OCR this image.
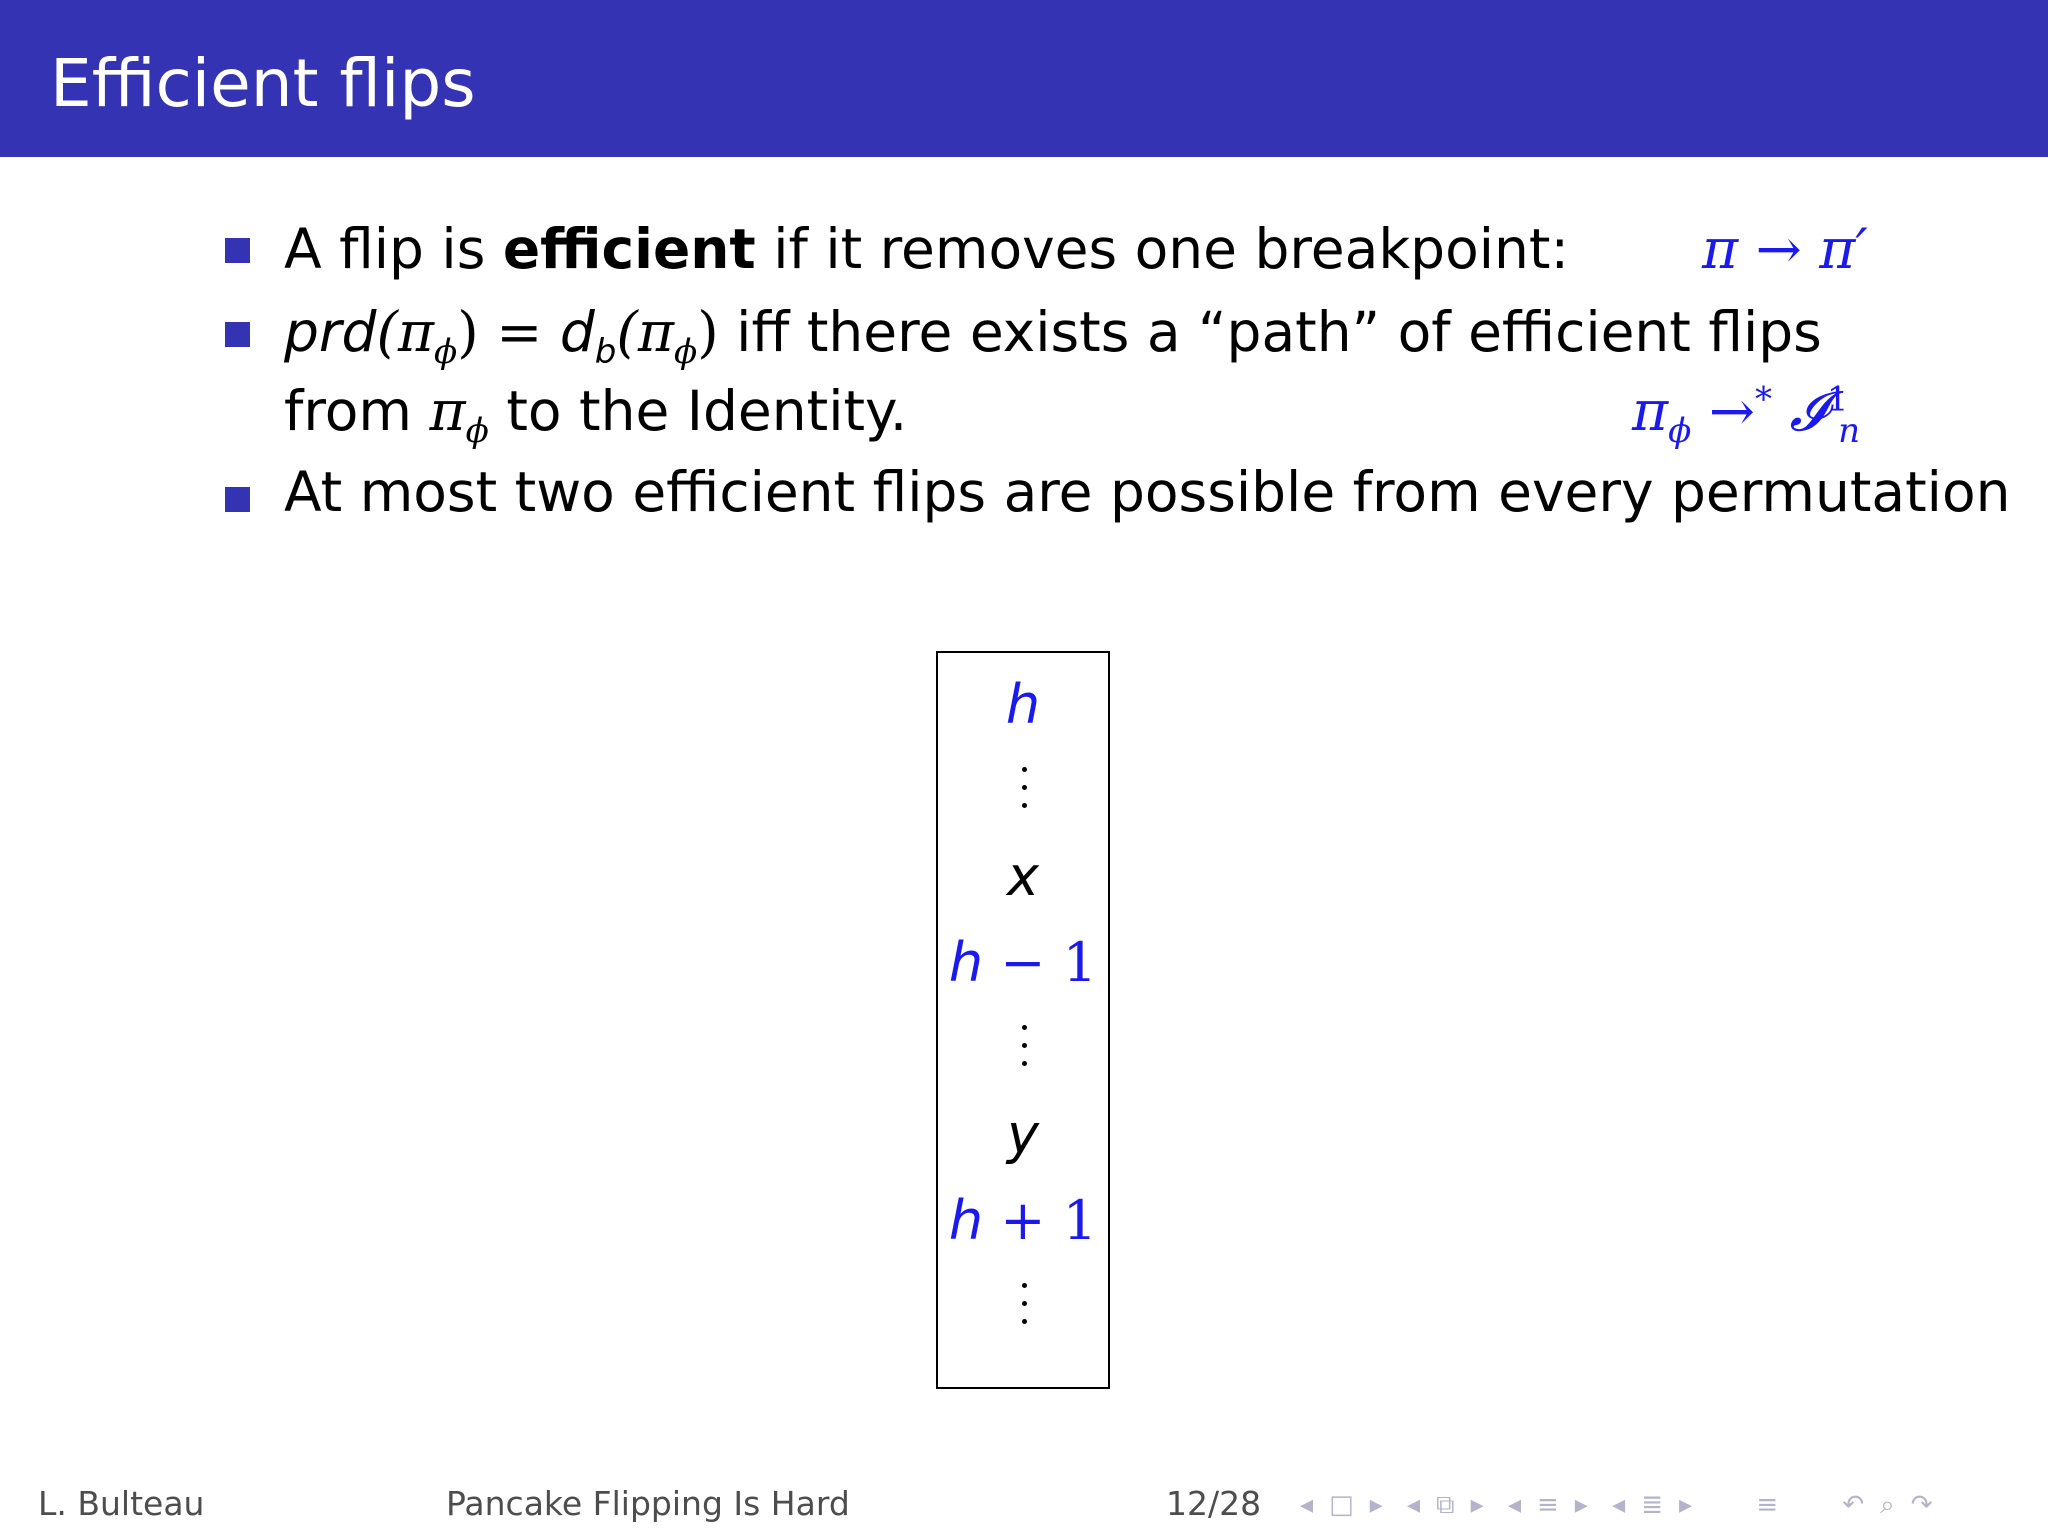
Efficient flips
A flip is efficient if it removes one breakpoint: π → π′
$prd(\pi_\phi) = d_b(\pi_\phi)$ iff there exists a “path” of efficient flips
from $\pi_\phi$ to the Identity.	$\pi_\phi \to^*$ 𝓘$^1_n$
At most two efficient flips are possible from every permutation
h
x
h − 1
y
h + 1
L. Bulteau	Pancake Flipping Is Hard	12/28 ◂ □ ▸ ◂ ⧉ ▸ ◂ ≡ ▸ ◂ ≣ ▸ ≡ ↶ ⌕ ↷
